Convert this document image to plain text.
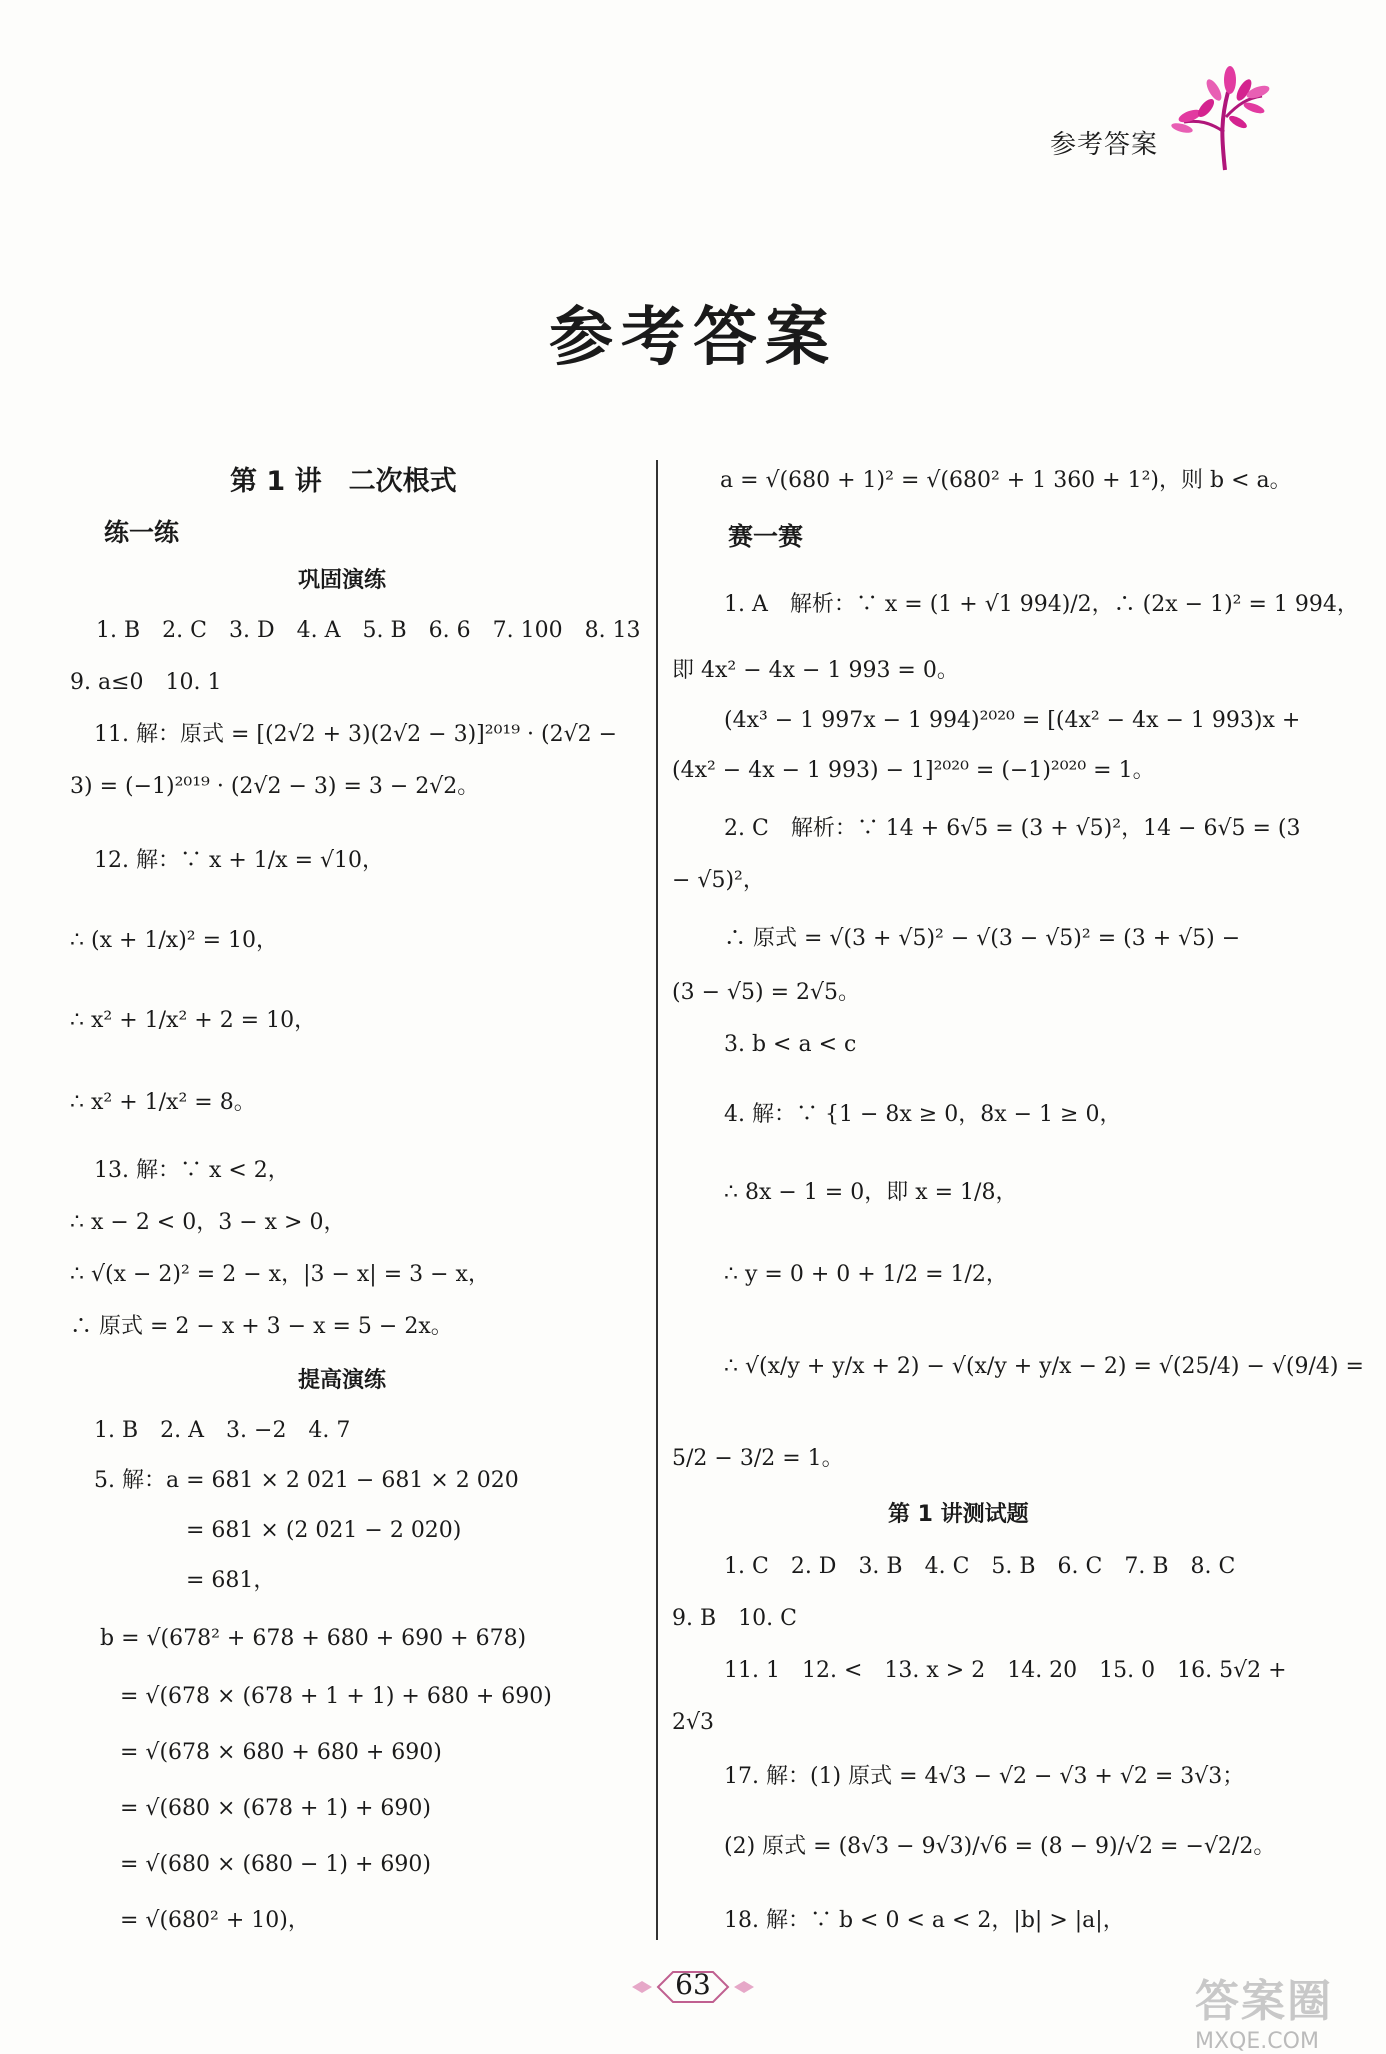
参考答案
参考答案
第 1 讲　二次根式
练一练
巩固演练
1. B　2. C　3. D　4. A　5. B　6. 6　7. 100　8. 13
9. a≤0　10. 1
11. 解：原式 = [(2√2 + 3)(2√2 − 3)]²⁰¹⁹ · (2√2 −
3) = (−1)²⁰¹⁹ · (2√2 − 3) = 3 − 2√2。
12. 解：∵ x + 1/x = √10，
∴ (x + 1/x)² = 10，
∴ x² + 1/x² + 2 = 10，
∴ x² + 1/x² = 8。
13. 解：∵ x < 2，
∴ x − 2 < 0，3 − x > 0，
∴ √(x − 2)² = 2 − x，|3 − x| = 3 − x，
∴ 原式 = 2 − x + 3 − x = 5 − 2x。
提高演练
1. B　2. A　3. −2　4. 7
5. 解：a = 681 × 2 021 − 681 × 2 020
= 681 × (2 021 − 2 020)
= 681，
b = √(678² + 678 + 680 + 690 + 678)
= √(678 × (678 + 1 + 1) + 680 + 690)
= √(678 × 680 + 680 + 690)
= √(680 × (678 + 1) + 690)
= √(680 × (680 − 1) + 690)
= √(680² + 10)，
a = √(680 + 1)² = √(680² + 1 360 + 1²)，则 b < a。
赛一赛
1. A　解析：∵ x = (1 + √1 994)/2，∴ (2x − 1)² = 1 994，
即 4x² − 4x − 1 993 = 0。
(4x³ − 1 997x − 1 994)²⁰²⁰ = [(4x² − 4x − 1 993)x +
(4x² − 4x − 1 993) − 1]²⁰²⁰ = (−1)²⁰²⁰ = 1。
2. C　解析：∵ 14 + 6√5 = (3 + √5)²，14 − 6√5 = (3
− √5)²，
∴ 原式 = √(3 + √5)² − √(3 − √5)² = (3 + √5) −
(3 − √5) = 2√5。
3. b < a < c
4. 解：∵ {1 − 8x ≥ 0，8x − 1 ≥ 0，
∴ 8x − 1 = 0，即 x = 1/8，
∴ y = 0 + 0 + 1/2 = 1/2，
∴ √(x/y + y/x + 2) − √(x/y + y/x − 2) = √(25/4) − √(9/4) =
5/2 − 3/2 = 1。
第 1 讲测试题
1. C　2. D　3. B　4. C　5. B　6. C　7. B　8. C
9. B　10. C
11. 1　12. <　13. x > 2　14. 20　15. 0　16. 5√2 +
2√3
17. 解：(1) 原式 = 4√3 − √2 − √3 + √2 = 3√3；
(2) 原式 = (8√3 − 9√3)/√6 = (8 − 9)/√2 = −√2/2。
18. 解：∵ b < 0 < a < 2，|b| > |a|，
63	答案圈
MXQE.COM
